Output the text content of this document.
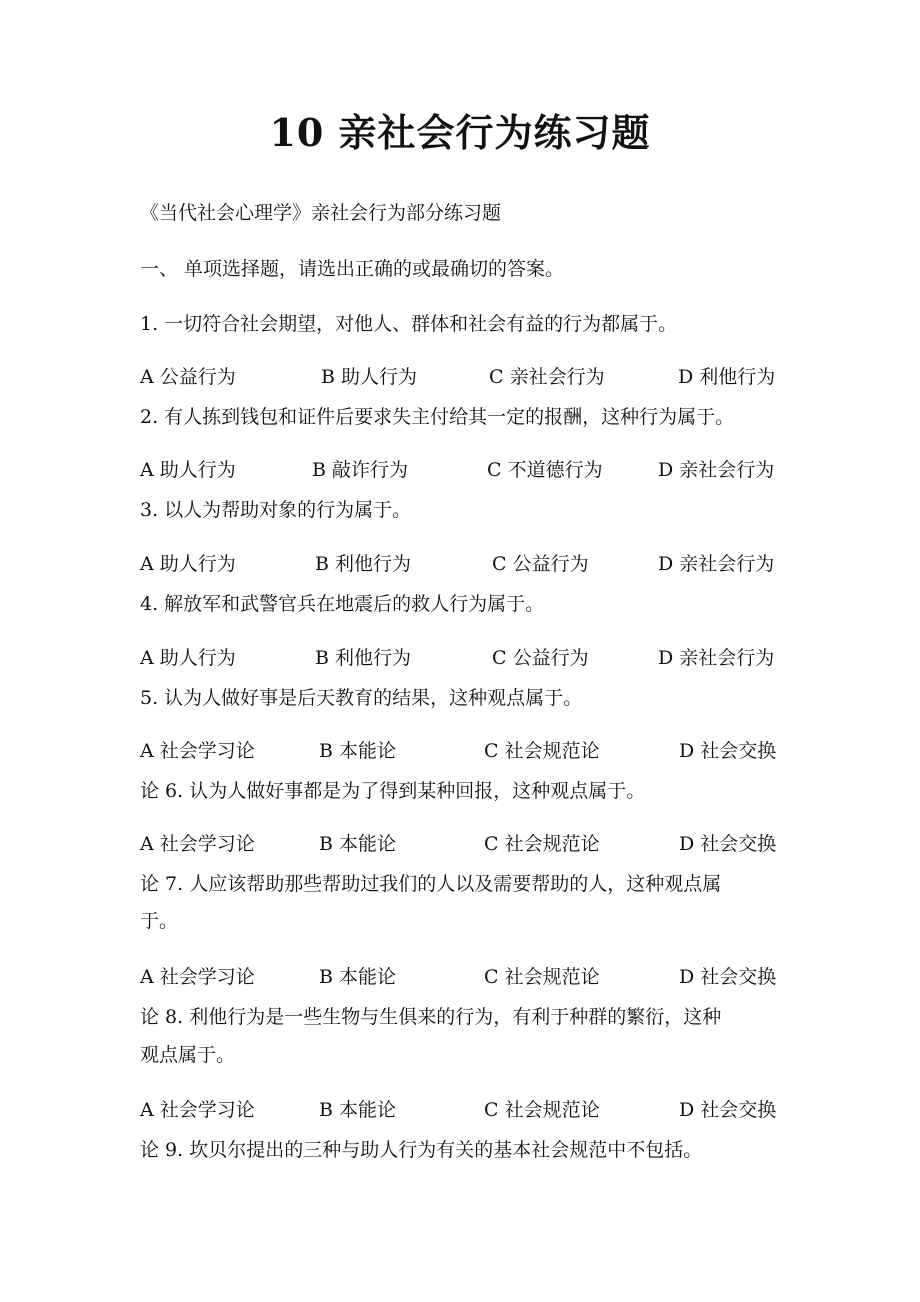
10 亲社会行为练习题
《当代社会心理学》亲社会行为部分练习题
一、 单项选择题，请选出正确的或最确切的答案。
1. 一切符合社会期望，对他人、群体和社会有益的行为都属于。
A 公益行为	B 助人行为	C 亲社会行为	D 利他行为
2. 有人拣到钱包和证件后要求失主付给其一定的报酬，这种行为属于。
A 助人行为	B 敲诈行为	C 不道德行为	D 亲社会行为
3. 以人为帮助对象的行为属于。
A 助人行为	B 利他行为	C 公益行为	D 亲社会行为
4. 解放军和武警官兵在地震后的救人行为属于。
A 助人行为	B 利他行为	C 公益行为	D 亲社会行为
5. 认为人做好事是后天教育的结果，这种观点属于。
A 社会学习论	B 本能论	C 社会规范论	D 社会交换
论 6. 认为人做好事都是为了得到某种回报，这种观点属于。
A 社会学习论	B 本能论	C 社会规范论	D 社会交换
论 7. 人应该帮助那些帮助过我们的人以及需要帮助的人，这种观点属
于。
A 社会学习论	B 本能论	C 社会规范论	D 社会交换
论 8. 利他行为是一些生物与生俱来的行为，有利于种群的繁衍，这种
观点属于。
A 社会学习论	B 本能论	C 社会规范论	D 社会交换
论 9. 坎贝尔提出的三种与助人行为有关的基本社会规范中不包括。
